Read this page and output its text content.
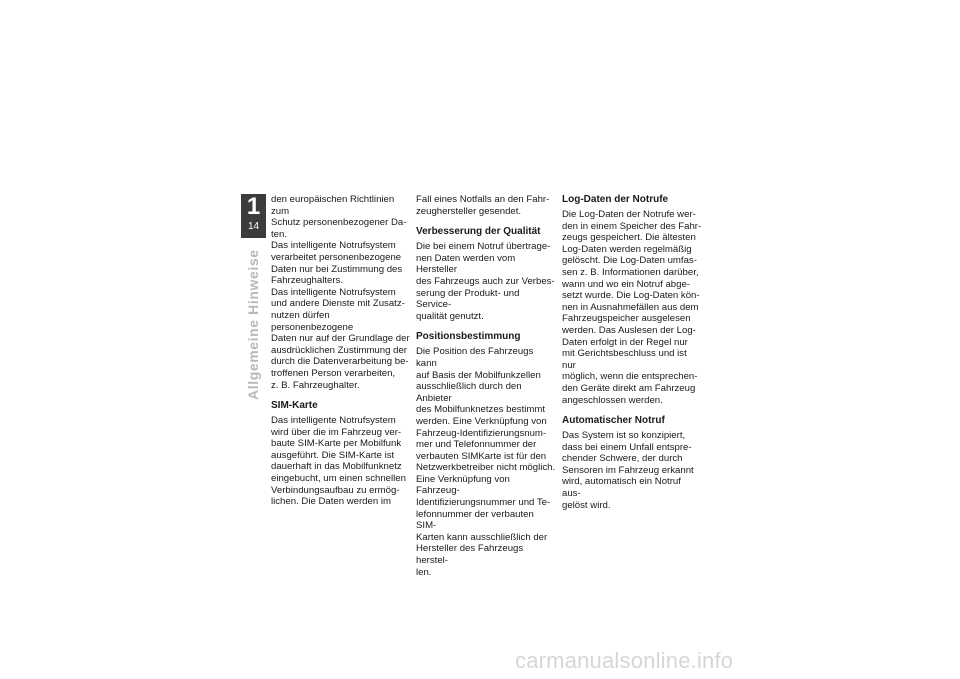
1
14
Allgemeine Hinweise
den europäischen Richtlinien zum
Schutz personenbezogener Da-
ten.
Das intelligente Notrufsystem
verarbeitet personenbezogene
Daten nur bei Zustimmung des
Fahrzeughalters.
Das intelligente Notrufsystem
und andere Dienste mit Zusatz-
nutzen dürfen personenbezogene
Daten nur auf der Grundlage der
ausdrücklichen Zustimmung der
durch die Datenverarbeitung be-
troffenen Person verarbeiten,
z. B. Fahrzeughalter.
SIM-Karte
Das intelligente Notrufsystem
wird über die im Fahrzeug ver-
baute SIM-Karte per Mobilfunk
ausgeführt. Die SIM-Karte ist
dauerhaft in das Mobilfunknetz
eingebucht, um einen schnellen
Verbindungsaufbau zu ermög-
lichen. Die Daten werden im
Fall eines Notfalls an den Fahr-
zeughersteller gesendet.
Verbesserung der Qualität
Die bei einem Notruf übertrage-
nen Daten werden vom Hersteller
des Fahrzeugs auch zur Verbes-
serung der Produkt- und Service-
qualität genutzt.
Positionsbestimmung
Die Position des Fahrzeugs kann
auf Basis der Mobilfunkzellen
ausschließlich durch den Anbieter
des Mobilfunknetzes bestimmt
werden. Eine Verknüpfung von
Fahrzeug-Identifizierungsnum-
mer und Telefonnummer der
verbauten SIMKarte ist für den
Netzwerkbetreiber nicht möglich.
Eine Verknüpfung von Fahrzeug-
Identifizierungsnummer und Te-
lefonnummer der verbauten SIM-
Karten kann ausschließlich der
Hersteller des Fahrzeugs herstel-
len.
Log-Daten der Notrufe
Die Log-Daten der Notrufe wer-
den in einem Speicher des Fahr-
zeugs gespeichert. Die ältesten
Log-Daten werden regelmäßig
gelöscht. Die Log-Daten umfas-
sen z. B. Informationen darüber,
wann und wo ein Notruf abge-
setzt wurde. Die Log-Daten kön-
nen in Ausnahmefällen aus dem
Fahrzeugspeicher ausgelesen
werden. Das Auslesen der Log-
Daten erfolgt in der Regel nur
mit Gerichtsbeschluss und ist nur
möglich, wenn die entsprechen-
den Geräte direkt am Fahrzeug
angeschlossen werden.
Automatischer Notruf
Das System ist so konzipiert,
dass bei einem Unfall entspre-
chender Schwere, der durch
Sensoren im Fahrzeug erkannt
wird, automatisch ein Notruf aus-
gelöst wird.
carmanualsonline.info
